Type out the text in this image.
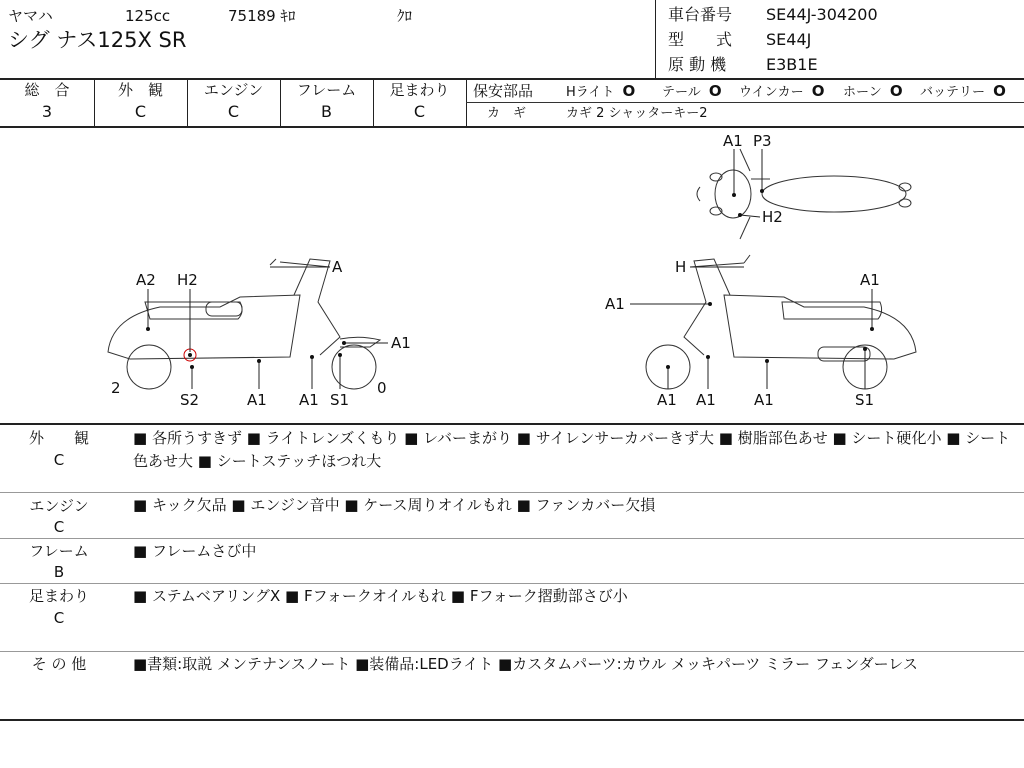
ヤマハ	125cc	75189 ｷﾛ	ｸﾛ
シグ ナス125X SR
車台番号 SE44J-304200
型　　式 SE44J
原 動 機 E3B1E
総　合
3
外　観
C
エンジン
C
フレーム
B
足まわり
C
保安部品	Hライト O テール O ウインカー O ホーン O バッテリー O
カ　ギ	カギ 2 シャッターキー2
A1 P3
H2
A
A2 H2
A1
2	0
S2	A1 A1 S1
H
A1
A1
A1 A1	A1	S1
外　　観
C
■ 各所うすきず ■ ライトレンズくもり ■ レバーまがり ■ サイレンサーカバーきず大 ■ 樹脂部色あせ ■ シート硬化小 ■ シート色あせ大 ■ シートステッチほつれ大
エンジン
C
■ キック欠品 ■ エンジン音中 ■ ケース周りオイルもれ ■ ファンカバー欠損
フレーム
B
■ フレームさび中
足まわり
C
■ ステムベアリングX ■ Fフォークオイルもれ ■ Fフォーク摺動部さび小
そ の 他	■書類:取説 メンテナンスノート ■装備品:LEDライト ■カスタムパーツ:カウル メッキパーツ ミラー フェンダーレス
